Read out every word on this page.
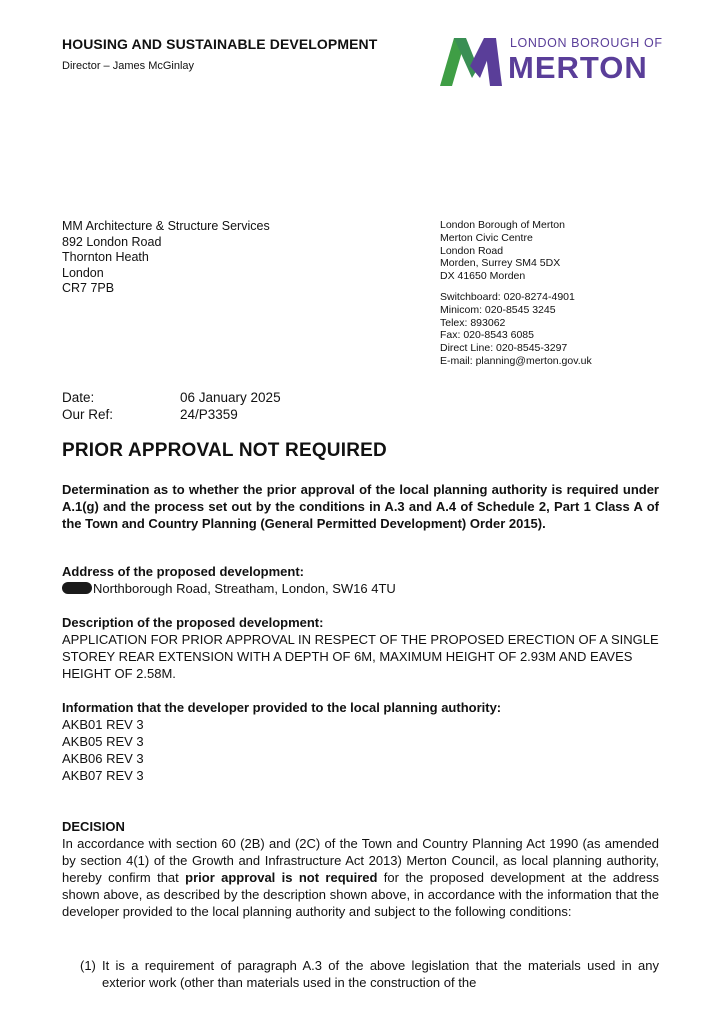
HOUSING AND SUSTAINABLE DEVELOPMENT
Director – James McGinlay
LONDON BOROUGH OF
MERTON
MM Architecture & Structure Services
892 London Road
Thornton Heath
London
CR7 7PB
London Borough of Merton
Merton Civic Centre
London Road
Morden, Surrey SM4 5DX
DX 41650 Morden
Switchboard: 020-8274-4901
Minicom: 020-8545 3245
Telex: 893062
Fax: 020-8543 6085
Direct Line: 020-8545-3297
E-mail: planning@merton.gov.uk
Date:	06 January 2025
Our Ref:	24/P3359
PRIOR APPROVAL NOT REQUIRED
Determination as to whether the prior approval of the local planning authority is required under A.1(g) and the process set out by the conditions in A.3 and A.4 of Schedule 2, Part 1 Class A of the Town and Country Planning (General Permitted Development) Order 2015).
Address of the proposed development:
Northborough Road, Streatham, London, SW16 4TU
Description of the proposed development:
APPLICATION FOR PRIOR APPROVAL IN RESPECT OF THE PROPOSED ERECTION OF A SINGLE STOREY REAR EXTENSION WITH A DEPTH OF 6M, MAXIMUM HEIGHT OF 2.93M AND EAVES HEIGHT OF 2.58M.
Information that the developer provided to the local planning authority:
AKB01 REV 3
AKB05 REV 3
AKB06 REV 3
AKB07 REV 3
DECISION

In accordance with section 60 (2B) and (2C) of the Town and Country Planning Act 1990 (as amended by section 4(1) of the Growth and Infrastructure Act 2013) Merton Council, as local planning authority, hereby confirm that prior approval is not required for the proposed development at the address shown above, as described by the description shown above, in accordance with the information that the developer provided to the local planning authority and subject to the following conditions:

(1) It is a requirement of paragraph A.3 of the above legislation that the materials used in any exterior work (other than materials used in the construction of the
